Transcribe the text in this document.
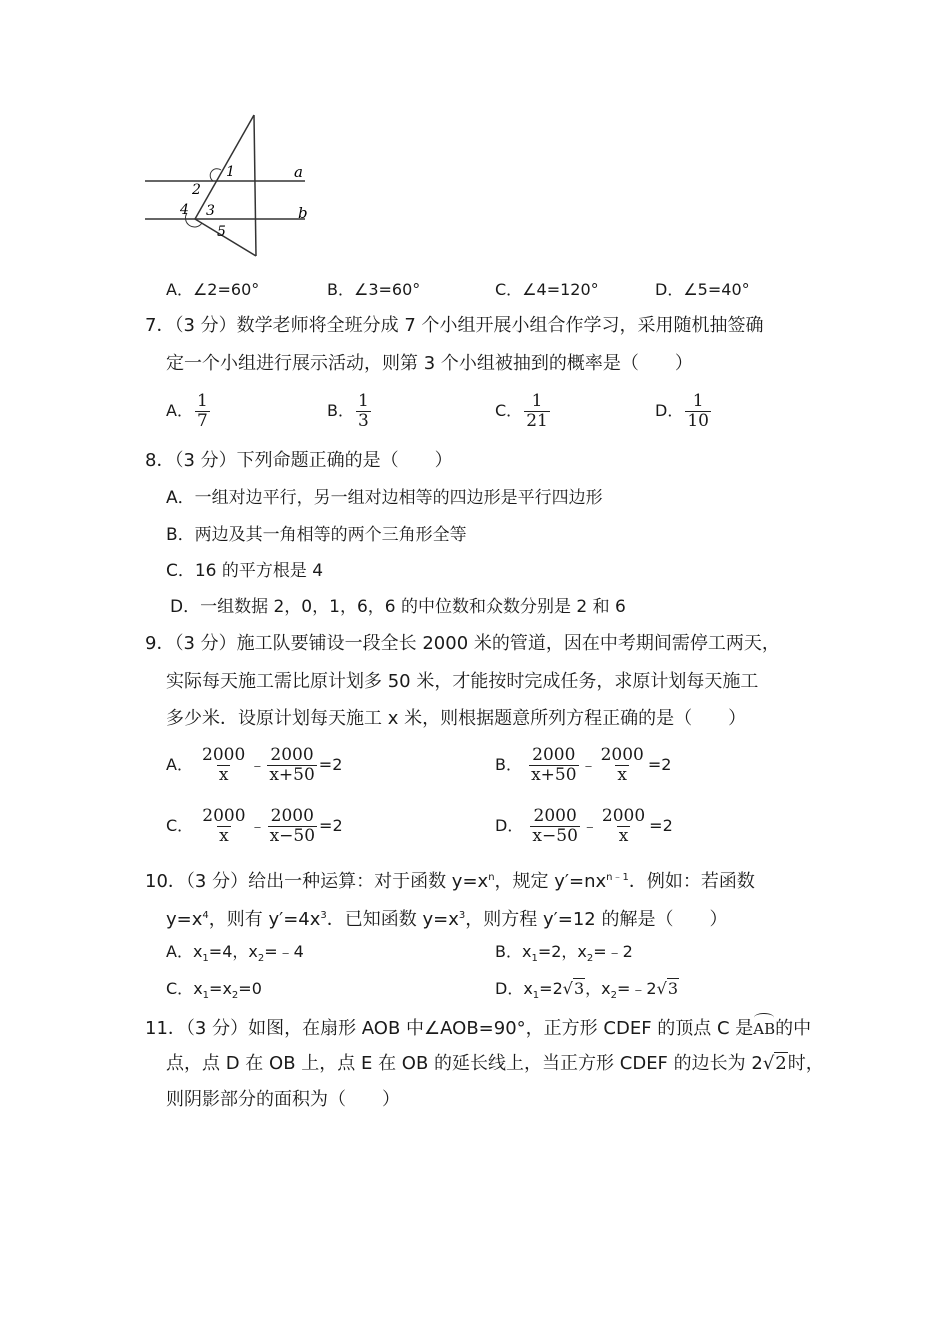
a
b
1
2
3
4
5
A．∠2=60°	B．∠3=60°	C．∠4=120°	D．∠5=40°
7．（3 分）数学老师将全班分成 7 个小组开展小组合作学习，采用随机抽签确
定一个小组进行展示活动，则第 3 个小组被抽到的概率是（　　）
A． $\frac{1}{7}$	B． $\frac{1}{3}$	C． $\frac{1}{21}$	D． $\frac{1}{10}$
8．（3 分）下列命题正确的是（　　）
A．一组对边平行，另一组对边相等的四边形是平行四边形
B．两边及其一角相等的两个三角形全等
C．16 的平方根是 4
D．一组数据 2，0，1，6，6 的中位数和众数分别是 2 和 6
9．（3 分）施工队要铺设一段全长 2000 米的管道，因在中考期间需停工两天，
实际每天施工需比原计划多 50 米，才能按时完成任务，求原计划每天施工
多少米．设原计划每天施工 x 米，则根据题意所列方程正确的是（　　）
A． $\frac{2000}{x}$ ﹣ $\frac{2000}{x+50} =2$	B． $\frac{2000}{x+50}$ ﹣ $\frac{2000}{x} =2$
C． $\frac{2000}{x}$ ﹣ $\frac{2000}{x-50} =2$	D． $\frac{2000}{x-50}$ ﹣ $\frac{2000}{x} =2$
10．（3 分）给出一种运算：对于函数 $y=x^n$，规定 $y'=nx^{n﹣1}$．例如：若函数
$y=x^4$，则有 $y'=4x^3$．已知函数 $y=x^3$，则方程 y′=12 的解是（　　）
A．$x_1=4$，$x_2=﹣4$	B．$x_1=2$，$x_2=﹣2$
C．$x_1=x_2=0$	D．$x_1=2√3$，$x_2=﹣2√3$
11．（3 分）如图，在扇形 AOB 中∠AOB=90°，正方形 CDEF 的顶点 C 是AB的中
点，点 D 在 OB 上，点 E 在 OB 的延长线上，当正方形 CDEF 的边长为 2√2时，
则阴影部分的面积为（　　）
